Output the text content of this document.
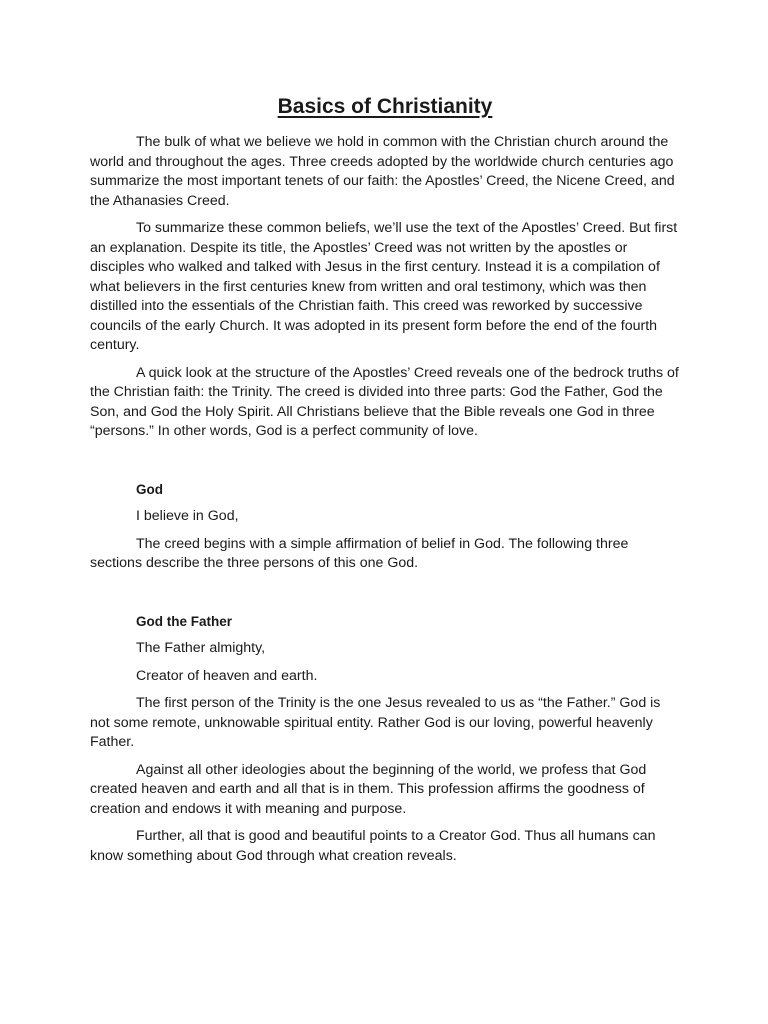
Basics of Christianity

The bulk of what we believe we hold in common with the Christian church around the world and throughout the ages. Three creeds adopted by the worldwide church centuries ago summarize the most important tenets of our faith: the Apostles’ Creed, the Nicene Creed, and the Athanasies Creed.

To summarize these common beliefs, we’ll use the text of the Apostles’ Creed. But first an explanation. Despite its title, the Apostles’ Creed was not written by the apostles or disciples who walked and talked with Jesus in the first century. Instead it is a compilation of what believers in the first centuries knew from written and oral testimony, which was then distilled into the essentials of the Christian faith. This creed was reworked by successive councils of the early Church. It was adopted in its present form before the end of the fourth century.

A quick look at the structure of the Apostles’ Creed reveals one of the bedrock truths of the Christian faith: the Trinity. The creed is divided into three parts: God the Father, God the Son, and God the Holy Spirit. All Christians believe that the Bible reveals one God in three “persons.” In other words, God is a perfect community of love.

God

I believe in God,

The creed begins with a simple affirmation of belief in God. The following three sections describe the three persons of this one God.

God the Father

The Father almighty,

Creator of heaven and earth.

The first person of the Trinity is the one Jesus revealed to us as “the Father.” God is not some remote, unknowable spiritual entity. Rather God is our loving, powerful heavenly Father.

Against all other ideologies about the beginning of the world, we profess that God created heaven and earth and all that is in them. This profession affirms the goodness of creation and endows it with meaning and purpose.

Further, all that is good and beautiful points to a Creator God. Thus all humans can know something about God through what creation reveals.
